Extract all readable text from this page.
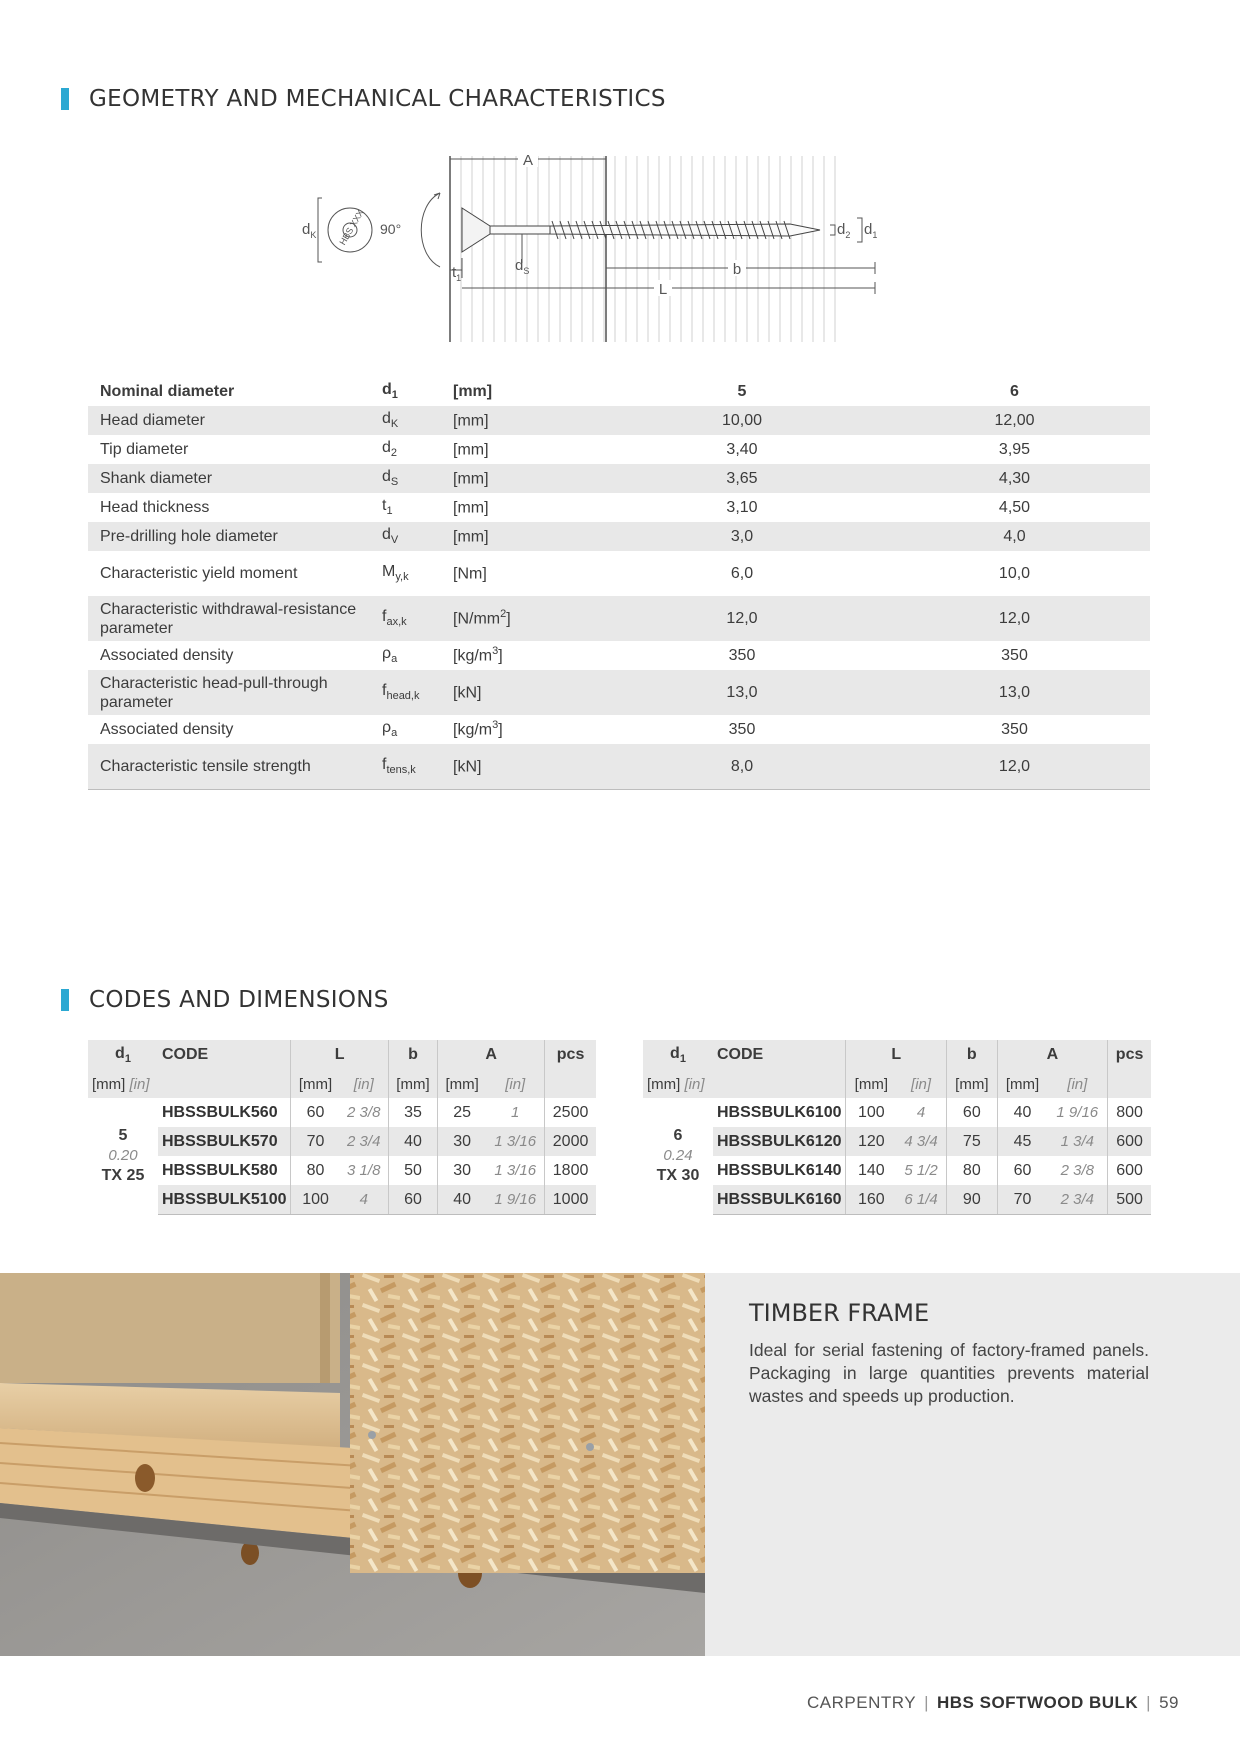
GEOMETRY AND MECHANICAL CHARACTERISTICS
HBS XXX
A
$d_K$	90°
$t_1$
$d_S$	b
L
$d_2$ $d_1$
Nominal diameter	$d_1$	[mm]	5	6
Head diameter	$d_K$	[mm]	10,00	12,00
Tip diameter	$d_2$	[mm]	3,40	3,95
Shank diameter	$d_S$	[mm]	3,65	4,30
Head thickness	$t_1$	[mm]	3,10	4,50
Pre-drilling hole diameter	$d_V$	[mm]	3,0	4,0
Characteristic yield moment	$M_{y,k}$	[Nm]	6,0	10,0
Characteristic withdrawal-resistance parameter	$f_{ax,k}$	$[N/mm^2]$	12,0	12,0
Associated density	$\rho_a$	$[kg/m^3]$	350	350
Characteristic head-pull-through parameter	$f_{head,k}$	[kN]	13,0	13,0
Associated density	$\rho_a$	$[kg/m^3]$	350	350
Characteristic tensile strength	$f_{tens,k}$	[kN]	8,0	12,0
CODES AND DIMENSIONS
$d_1$	CODE	L		b	A		pcs
[mm] [in]		[mm]	[in]	[mm]	[mm]	[in]	

5
0.20
TX 25	HBSSBULK560	60	2 3/8	35	25	1	2500
	HBSSBULK570	70	2 3/4	40	30	1 3/16	2000
	HBSSBULK580	80	3 1/8	50	30	1 3/16	1800
	HBSSBULK5100	100	4	60	40	1 9/16	1000
$d_1$	CODE	L		b	A		pcs
[mm] [in]		[mm]	[in]	[mm]	[mm]	[in]	

6
0.24
TX 30	HBSSBULK6100	100	4	60	40	1 9/16	800
	HBSSBULK6120	120	4 3/4	75	45	1 3/4	600
	HBSSBULK6140	140	5 1/2	80	60	2 3/8	600
	HBSSBULK6160	160	6 1/4	90	70	2 3/4	500
TIMBER FRAME
Ideal for serial fastening of factory-framed panels. Packaging in large quantities prevents material wastes and speeds up production.
CARPENTRY | HBS SOFTWOOD BULK | 59
